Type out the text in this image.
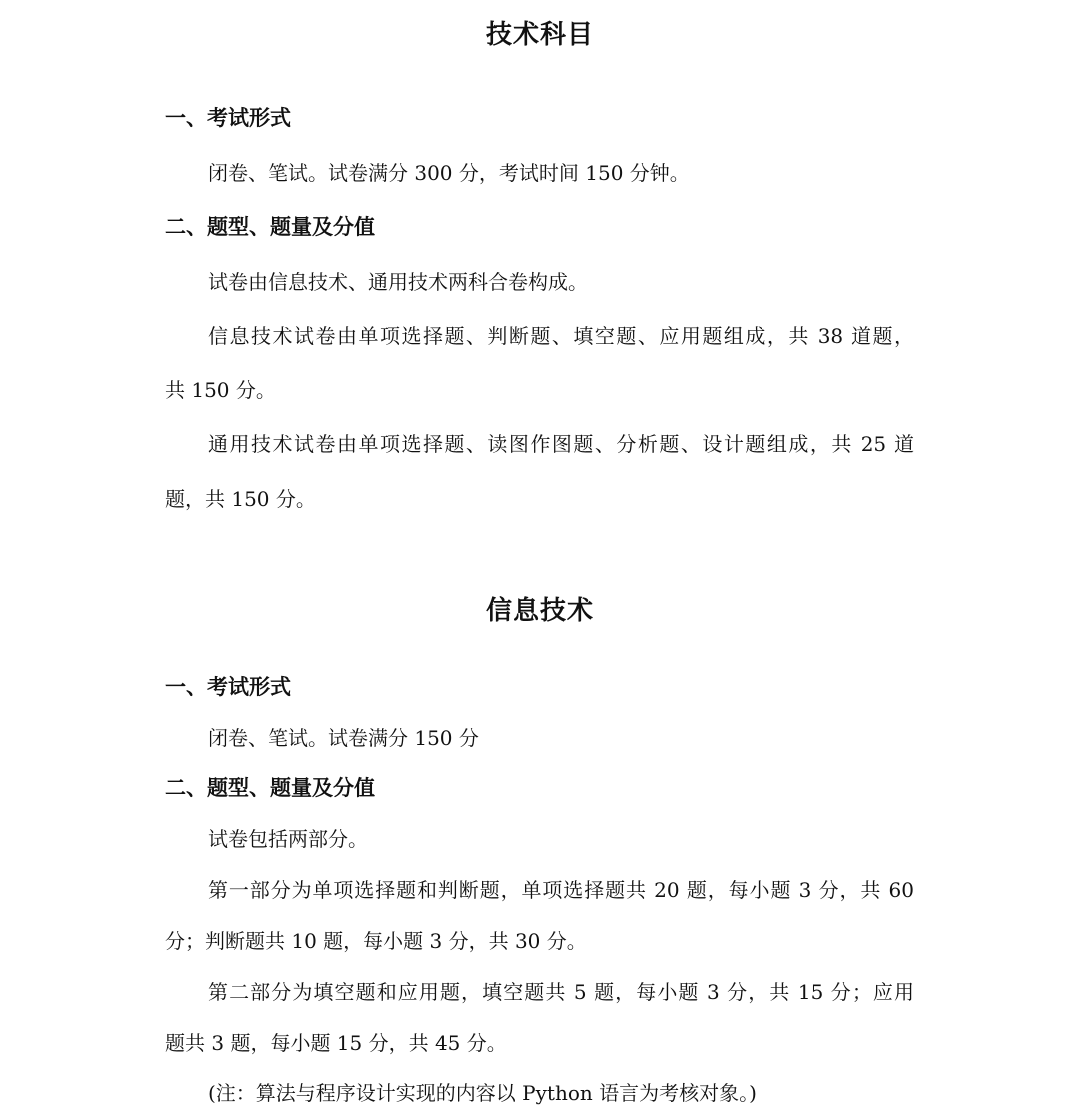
技术科目
一、考试形式
闭卷、笔试。试卷满分 300 分，考试时间 150 分钟。
二、题型、题量及分值
试卷由信息技术、通用技术两科合卷构成。
信息技术试卷由单项选择题、判断题、填空题、应用题组成，共 38 道题，
共 150 分。
通用技术试卷由单项选择题、读图作图题、分析题、设计题组成，共 25 道
题，共 150 分。
信息技术
一、考试形式
闭卷、笔试。试卷满分 150 分
二、题型、题量及分值
试卷包括两部分。
第一部分为单项选择题和判断题，单项选择题共 20 题，每小题 3 分，共 60
分；判断题共 10 题，每小题 3 分，共 30 分。
第二部分为填空题和应用题，填空题共 5 题，每小题 3 分，共 15 分；应用
题共 3 题，每小题 15 分，共 45 分。
(注：算法与程序设计实现的内容以 Python 语言为考核对象。)
